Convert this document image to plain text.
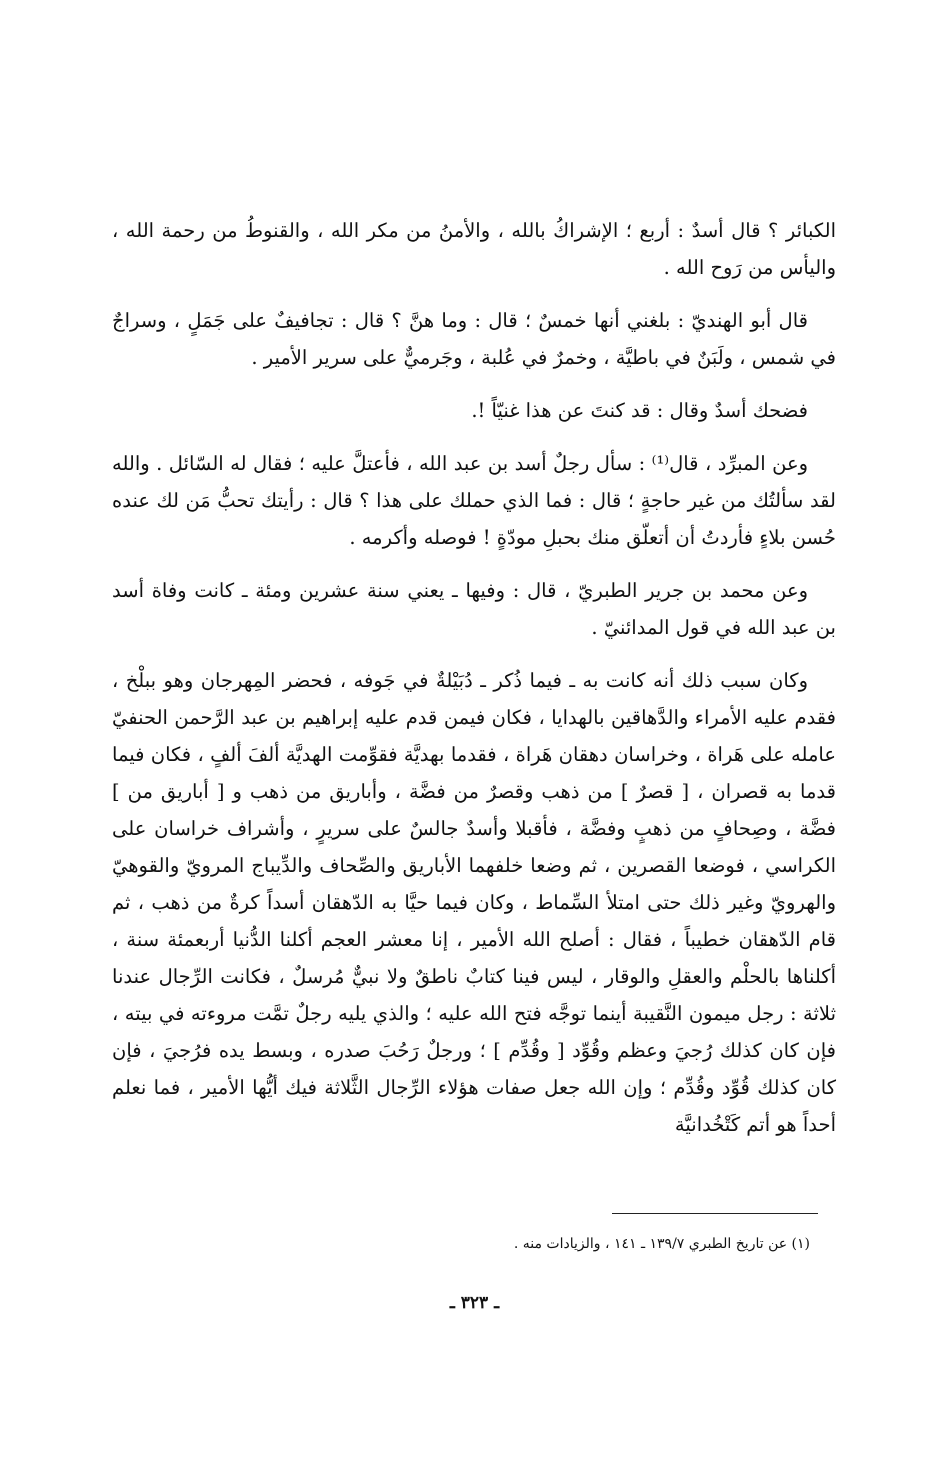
الكبائر ؟ قال أسدٌ : أربع ؛ الإشراكُ بالله ، والأمنُ من مكر الله ، والقنوطُ من رحمة الله ، واليأس من رَوح الله .

قال أبو الهنديّ : بلغني أنها خمسٌ ؛ قال : وما هنَّ ؟ قال : تجافيفٌ على جَمَلٍ ، وسراجٌ في شمس ، ولَبَنٌ في باطيَّة ، وخمرٌ في عُلبة ، وجَرميٌّ على سرير الأمير .

فضحك أسدٌ وقال : قد كنتَ عن هذا غنيّاً !.

وعن المبرِّد ، قال⁽¹⁾ : سأل رجلٌ أسد بن عبد الله ، فأعتلَّ عليه ؛ فقال له السّائل . والله لقد سألتُك من غير حاجةٍ ؛ قال : فما الذي حملك على هذا ؟ قال : رأيتك تحبُّ مَن لك عنده حُسن بلاءٍ فأردتُ أن أتعلّق منك بحبلِ مودّةٍ ! فوصله وأكرمه .

وعن محمد بن جرير الطبريّ ، قال : وفيها ـ يعني سنة عشرين ومئة ـ كانت وفاة أسد بن عبد الله في قول المدائنيّ .

وكان سبب ذلك أنه كانت به ـ فيما ذُكر ـ دُبَيْلةٌ في جَوفه ، فحضر المِهرجان وهو ببلْخ ، فقدم عليه الأمراء والدَّهاقين بالهدايا ، فكان فيمن قدم عليه إبراهيم بن عبد الرَّحمن الحنفيّ عامله على هَراة ، وخراسان دهقان هَراة ، فقدما بهديَّة فقوِّمت الهديَّة ألفَ ألفٍ ، فكان فيما قدما به قصران ، [ قصرٌ ] من ذهب وقصرٌ من فضَّة ، وأباريق من ذهب و [ أباريق من ] فضَّة ، وصِحافٍ من ذهبٍ وفضَّة ، فأقبلا وأسدٌ جالسٌ على سريرٍ ، وأشراف خراسان على الكراسي ، فوضعا القصرين ، ثم وضعا خلفهما الأباريق والصِّحاف والدِّيباج المرويّ والقوهيّ والهرويّ وغير ذلك حتى امتلأ السِّماط ، وكان فيما حيَّا به الدّهقان أسداً كرةٌ من ذهب ، ثم قام الدّهقان خطيباً ، فقال : أصلح الله الأمير ، إنا معشر العجم أكلنا الدُّنيا أربعمئة سنة ، أكلناها بالحلْم والعقلِ والوقار ، ليس فينا كتابٌ ناطقٌ ولا نبيٌّ مُرسلٌ ، فكانت الرِّجال عندنا ثلاثة : رجل ميمون النَّقيبة أينما توجَّه فتح الله عليه ؛ والذي يليه رجلٌ تمَّت مروءته في بيته ، فإن كان كذلك رُجيَ وعظم وقُوِّد [ وقُدِّم ] ؛ ورجلٌ رَحُبَ صدره ، وبسط يده فرُجيَ ، فإن كان كذلك قُوِّد وقُدِّم ؛ وإن الله جعل صفات هؤلاء الرِّجال الثَّلاثة فيك أيُّها الأمير ، فما نعلم أحداً هو أتم كَتْخُدانيَّة

(١) عن تاريخ الطبري ١٣٩/٧ ـ ١٤١ ، والزيادات منه .
ـ ٣٢٣ ـ
